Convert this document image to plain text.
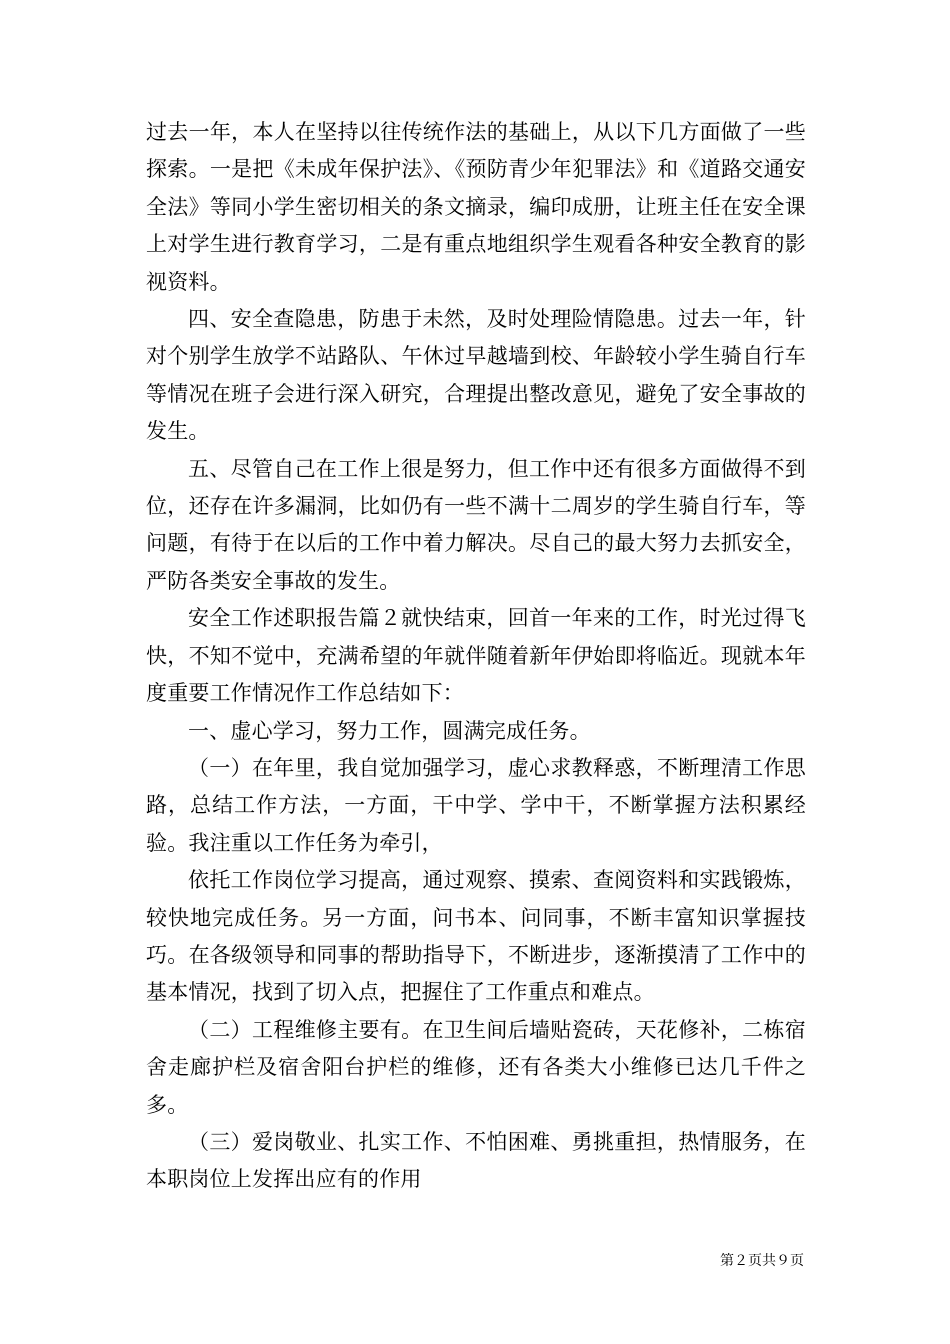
过去一年，本人在坚持以往传统作法的基础上，从以下几方面做了一些探索。一是把《未成年保护法》、《预防青少年犯罪法》和《道路交通安全法》等同小学生密切相关的条文摘录，编印成册，让班主任在安全课上对学生进行教育学习，二是有重点地组织学生观看各种安全教育的影视资料。

四、安全查隐患，防患于未然，及时处理险情隐患。过去一年，针对个别学生放学不站路队、午休过早越墙到校、年龄较小学生骑自行车等情况在班子会进行深入研究，合理提出整改意见，避免了安全事故的发生。

五、尽管自己在工作上很是努力，但工作中还有很多方面做得不到位，还存在许多漏洞，比如仍有一些不满十二周岁的学生骑自行车，等问题，有待于在以后的工作中着力解决。尽自己的最大努力去抓安全，严防各类安全事故的发生。

安全工作述职报告篇２就快结束，回首一年来的工作，时光过得飞快，不知不觉中，充满希望的年就伴随着新年伊始即将临近。现就本年度重要工作情况作工作总结如下：

一、虚心学习，努力工作，圆满完成任务。

（一）在年里，我自觉加强学习，虚心求教释惑，不断理清工作思路，总结工作方法，一方面，干中学、学中干，不断掌握方法积累经验。我注重以工作任务为牵引，

依托工作岗位学习提高，通过观察、摸索、查阅资料和实践锻炼，较快地完成任务。另一方面，问书本、问同事，不断丰富知识掌握技巧。在各级领导和同事的帮助指导下，不断进步，逐渐摸清了工作中的基本情况，找到了切入点，把握住了工作重点和难点。

（二）工程维修主要有。在卫生间后墙贴瓷砖，天花修补，二栋宿舍走廊护栏及宿舍阳台护栏的维修，还有各类大小维修已达几千件之多。

（三）爱岗敬业、扎实工作、不怕困难、勇挑重担，热情服务，在本职岗位上发挥出应有的作用

第２页共９页
